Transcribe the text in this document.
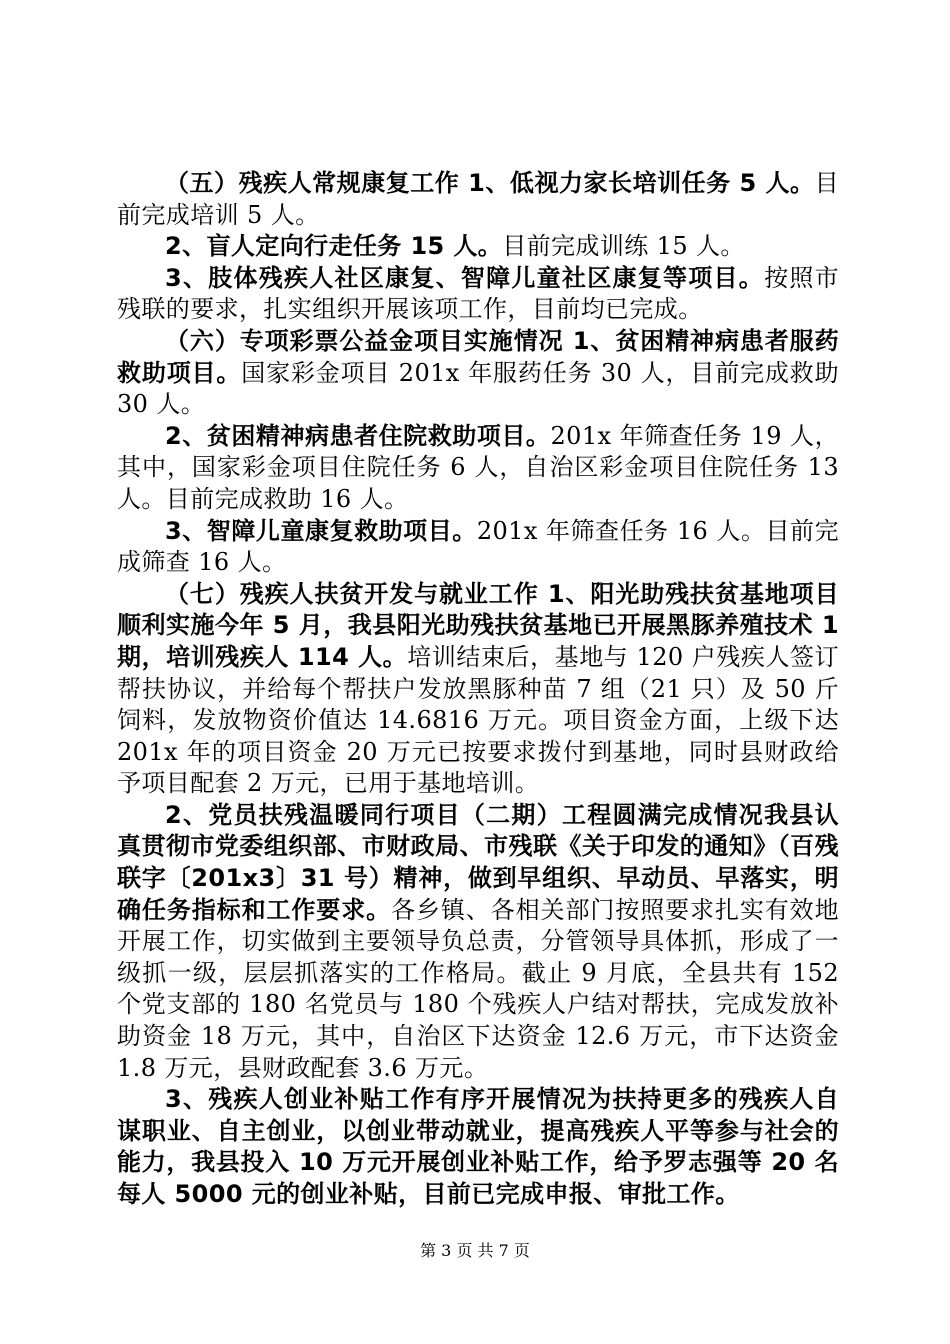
（五）残疾人常规康复工作 1、低视力家长培训任务 5 人。目前完成培训 5 人。

2、盲人定向行走任务 15 人。目前完成训练 15 人。

3、肢体残疾人社区康复、智障儿童社区康复等项目。按照市残联的要求，扎实组织开展该项工作，目前均已完成。

（六）专项彩票公益金项目实施情况 1、贫困精神病患者服药救助项目。国家彩金项目 201x 年服药任务 30 人，目前完成救助 30 人。

2、贫困精神病患者住院救助项目。201x 年筛查任务 19 人，其中，国家彩金项目住院任务 6 人，自治区彩金项目住院任务 13 人。目前完成救助 16 人。

3、智障儿童康复救助项目。201x 年筛查任务 16 人。目前完成筛查 16 人。

（七）残疾人扶贫开发与就业工作 1、阳光助残扶贫基地项目顺利实施今年 5 月，我县阳光助残扶贫基地已开展黑豚养殖技术 1 期，培训残疾人 114 人。培训结束后，基地与 120 户残疾人签订帮扶协议，并给每个帮扶户发放黑豚种苗 7 组（21 只）及 50 斤饲料，发放物资价值达 14.6816 万元。项目资金方面，上级下达 201x 年的项目资金 20 万元已按要求拨付到基地，同时县财政给予项目配套 2 万元，已用于基地培训。

2、党员扶残温暖同行项目（二期）工程圆满完成情况我县认真贯彻市党委组织部、市财政局、市残联《关于印发的通知》（百残联字〔201x3〕31 号）精神，做到早组织、早动员、早落实，明确任务指标和工作要求。各乡镇、各相关部门按照要求扎实有效地开展工作，切实做到主要领导负总责，分管领导具体抓，形成了一级抓一级，层层抓落实的工作格局。截止 9 月底，全县共有 152 个党支部的 180 名党员与 180 个残疾人户结对帮扶，完成发放补助资金 18 万元，其中，自治区下达资金 12.6 万元，市下达资金 1.8 万元，县财政配套 3.6 万元。

3、残疾人创业补贴工作有序开展情况为扶持更多的残疾人自谋职业、自主创业，以创业带动就业，提高残疾人平等参与社会的能力，我县投入 10 万元开展创业补贴工作，给予罗志强等 20 名每人 5000 元的创业补贴，目前已完成申报、审批工作。

第 3 页 共 7 页
